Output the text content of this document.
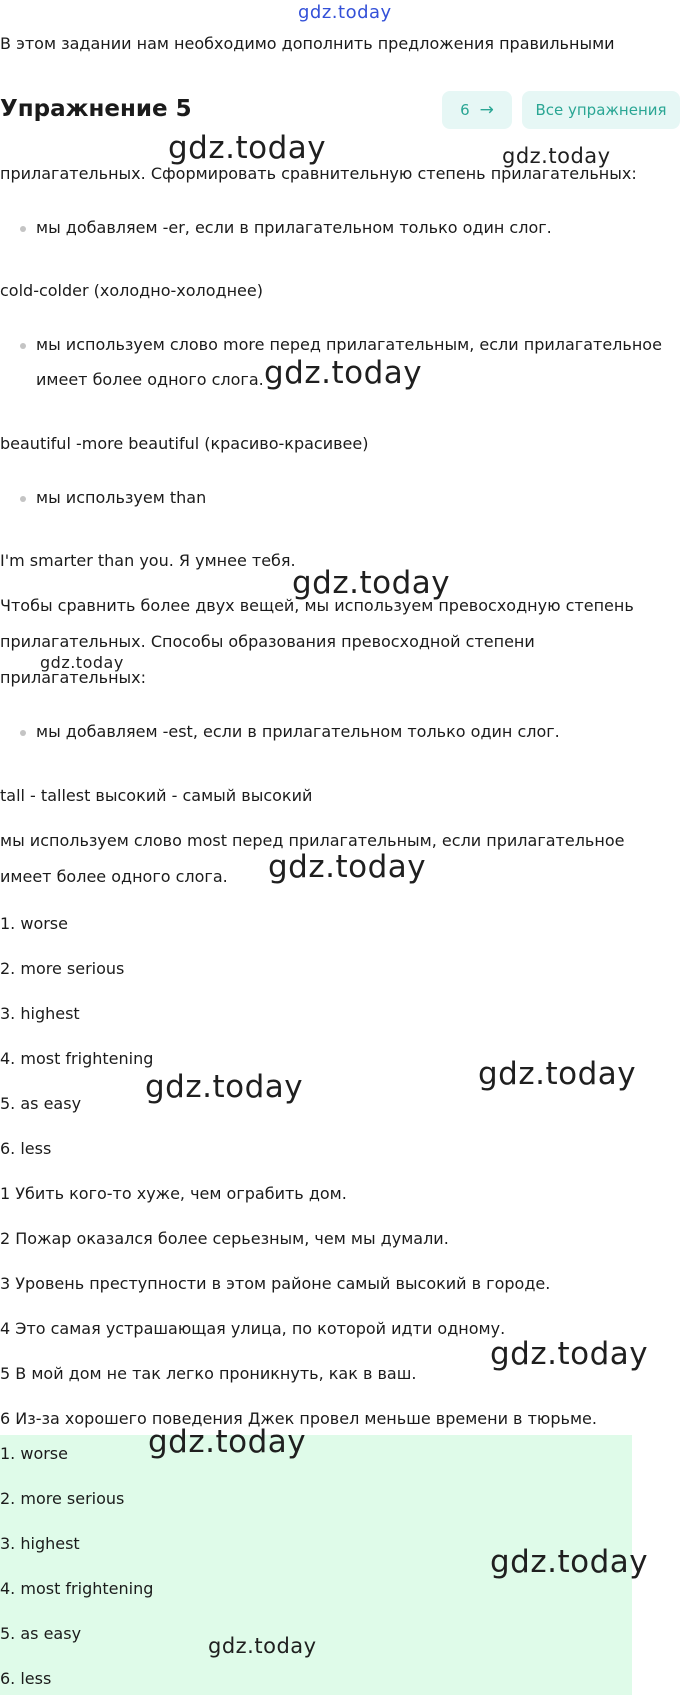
gdz.today
В этом задании нам необходимо дополнить предложения правильными
Упражнение 5	6 →	Все упражнения
прилагательных. Сформировать сравнительную степень прилагательных:
мы добавляем -er, если в прилагательном только один слог.
cold-colder (холодно-холоднее)
мы используем слово more перед прилагательным, если прилагательное
имеет более одного слога.
beautiful -more beautiful (красиво-красивее)
мы используем than
I'm smarter than you. Я умнее тебя.
Чтобы сравнить более двух вещей, мы используем превосходную степень
прилагательных. Способы образования превосходной степени
прилагательных:
мы добавляем -est, если в прилагательном только один слог.
tall - tallest высокий - самый высокий
мы используем слово most перед прилагательным, если прилагательное
имеет более одного слога.
1. worse
2. more serious
3. highest
4. most frightening
5. as easy
6. less
1 Убить кого-то хуже, чем ограбить дом.
2 Пожар оказался более серьезным, чем мы думали.
3 Уровень преступности в этом районе самый высокий в городе.
4 Это самая устрашающая улица, по которой идти одному.
5 В мой дом не так легко проникнуть, как в ваш.
6 Из-за хорошего поведения Джек провел меньше времени в тюрьме.
1. worse
2. more serious
3. highest
4. most frightening
5. as easy
6. less
gdz.today	gdz.today
gdz.today
gdz.today
gdz.today
gdz.today
gdz.today
gdz.today
gdz.today
gdz.today
gdz.today
gdz.today
